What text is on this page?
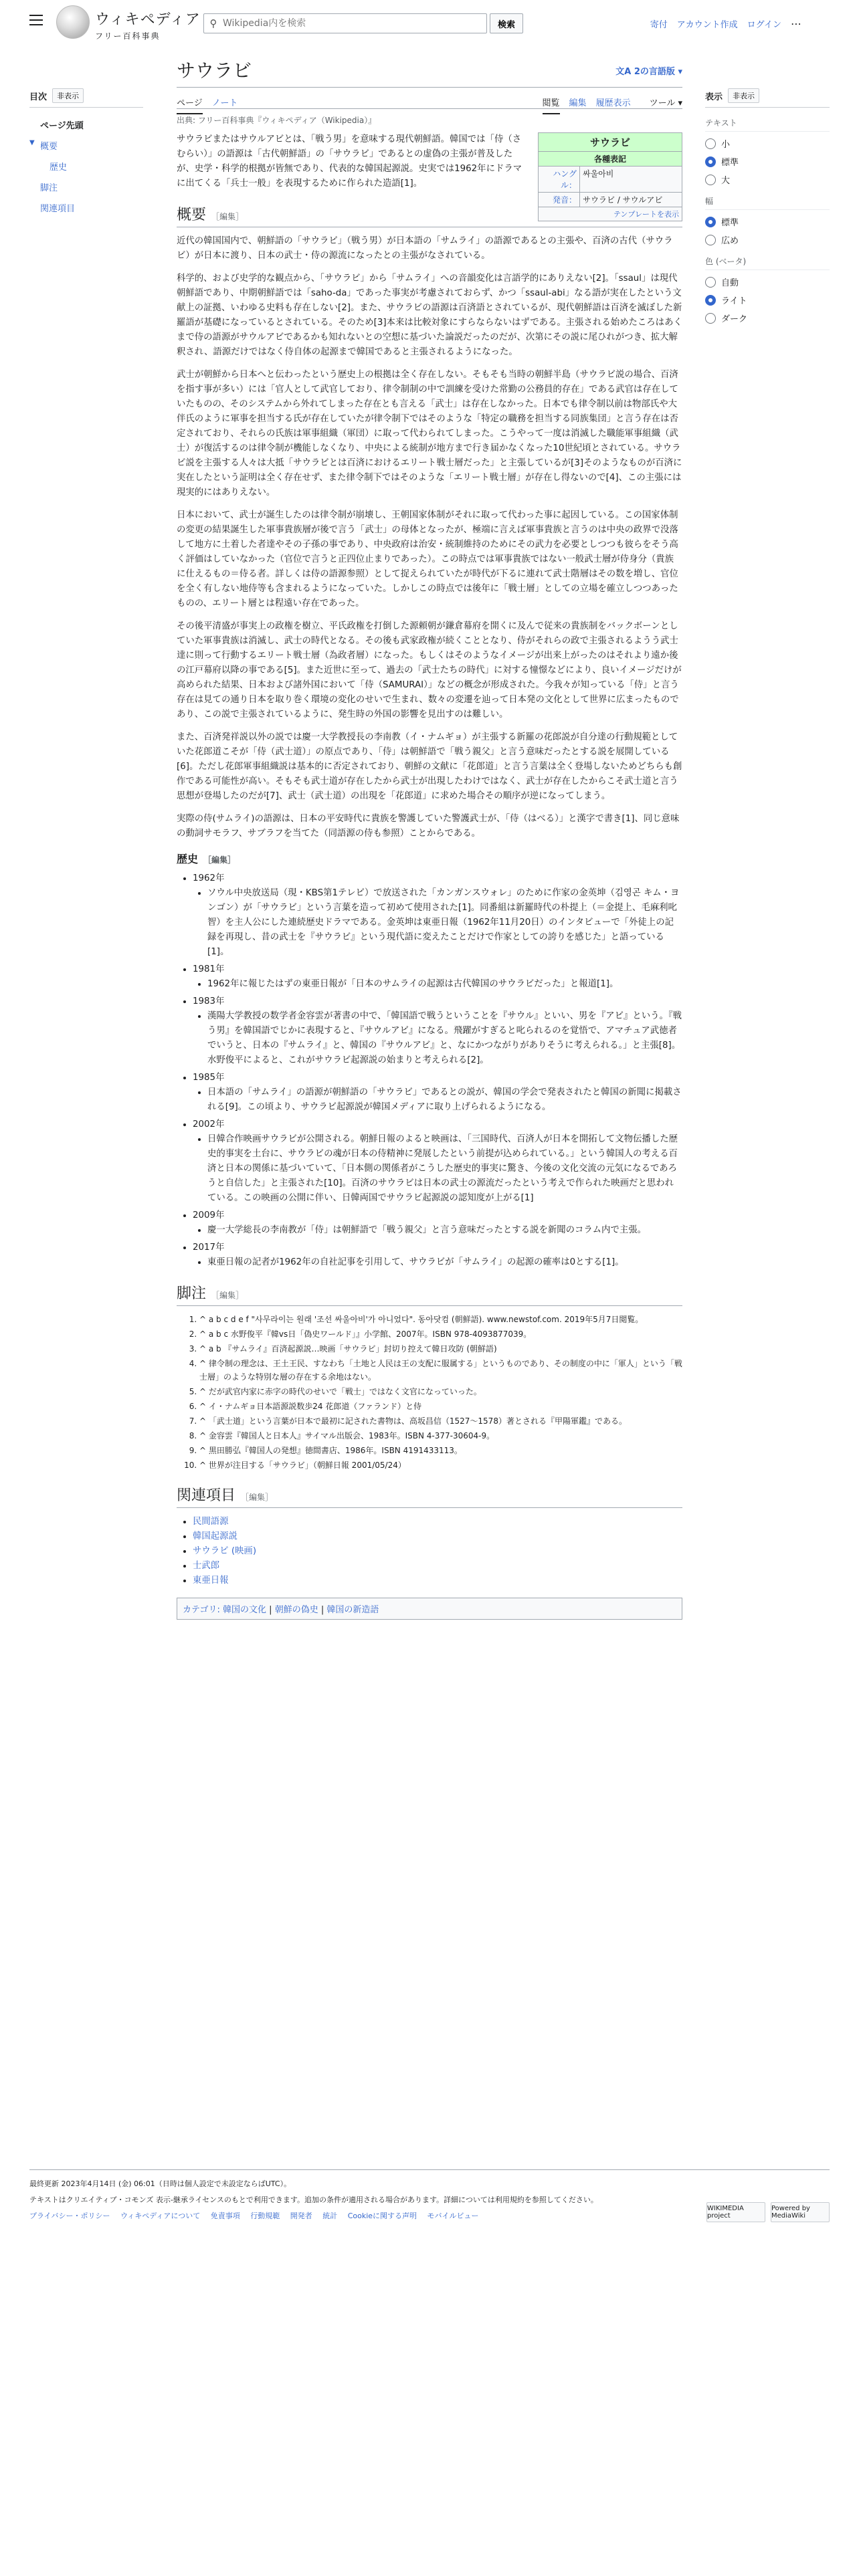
ウィキペディア
フリー百科事典
⚲
Wikipedia内を検索	検索	寄付 アカウント作成 ログイン ⋯
目次	非表示
ページ先頭
▼ 概要
歴史
脚注
関連項目
サウラビ	文A 2の言語版 ▾
ページ ノート	閲覧 編集 履歴表示 ツール ▾
出典: フリー百科事典『ウィキペディア（Wikipedia）』
サウラビ
各種表記
ハングル：
싸울아비
発音： サウラビ / サウルアビ
テンプレートを表示

サウラビまたはサウルアビとは、「戦う男」を意味する現代朝鮮語。韓国では「侍（さむらい）」の語源は「古代朝鮮語」の「サウラビ」であるとの虚偽の主張が普及したが、史学・科学的根拠が皆無であり、代表的な韓国起源説。史実では1962年にドラマに出てくる「兵士一般」を表現するために作られた造語[1]。

概要 ［編集］

近代の韓国国内で、朝鮮語の「サウラビ」（戦う男）が日本語の「サムライ」の語源であるとの主張や、百済の古代（サウラビ）が日本に渡り、日本の武士・侍の源流になったとの主張がなされている。

科学的、および史学的な観点から、「サウラビ」から「サムライ」への音韻変化は言語学的にありえない[2]。「ssaul」は現代朝鮮語であり、中期朝鮮語では「saho-da」であった事実が考慮されておらず、かつ「ssaul-abi」なる語が実在したという文献上の証拠、いわゆる史料も存在しない[2]。また、サウラビの語源は百済語とされているが、現代朝鮮語は百済を滅ぼした新羅語が基礎になっているとされている。そのため[3]本来は比較対象にすらならないはずである。主張される始めたころはあくまで侍の語源がサウルアビであるかも知れないとの空想に基づいた論説だったのだが、次第にその説に尾ひれがつき、拡大解釈され、語源だけではなく侍自体の起源まで韓国であると主張されるようになった。

武士が朝鮮から日本へと伝わったという歴史上の根拠は全く存在しない。そもそも当時の朝鮮半島（サウラビ説の場合、百済を指す事が多い）には「官人として武官しており、律令制制の中で訓練を受けた常勤の公務員的存在」である武官は存在していたものの、そのシステムから外れてしまった存在とも言える「武士」は存在しなかった。日本でも律令制以前は物部氏や大伴氏のように軍事を担当する氏が存在していたが律令制下ではそのような「特定の職務を担当する同族集団」と言う存在は否定されており、それらの氏族は軍事組織（軍団）に取って代わられてしまった。こうやって一度は消滅した職能軍事組織（武士）が復活するのは律令制が機能しなくなり、中央による統制が地方まで行き届かなくなった10世紀頃とされている。サウラビ説を主張する人々は大抵「サウラビとは百済におけるエリート戦士層だった」と主張しているが[3]そのようなものが百済に実在したという証明は全く存在せず、また律令制下ではそのような「エリート戦士層」が存在し得ないので[4]、この主張には現実的にはありえない。

日本において、武士が誕生したのは律令制が崩壊し、王朝国家体制がそれに取って代わった事に起因している。この国家体制の変更の結果誕生した軍事貴族層が後で言う「武士」の母体となったが、極端に言えば軍事貴族と言うのは中央の政界で没落して地方に土着した者達やその子孫の事であり、中央政府は治安・統制維持のためにその武力を必要としつつも彼らをそう高く評価はしていなかった（官位で言うと正四位止まりであった）。この時点では軍事貴族ではない一般武士層が侍身分（貴族に仕えるもの＝侍る者。詳しくは侍の語源参照）として捉えられていたが時代が下るに連れて武士階層はその数を増し、官位を全く有しない地侍等も含まれるようになっていた。しかしこの時点では後年に「戦士層」としての立場を確立しつつあったものの、エリート層とは程遠い存在であった。

その後平清盛が事実上の政権を樹立、平氏政権を打倒した源頼朝が鎌倉幕府を開くに及んで従来の貴族制をバックボーンとしていた軍事貴族は消滅し、武士の時代となる。その後も武家政権が続くこととなり、侍がそれらの政で主張されるようう武士達に則って行動するエリート戦士層（為政者層）になった。もしくはそのようなイメージが出来上がったのはそれより遠か後の江戸幕府以降の事である[5]。また近世に至って、過去の「武士たちの時代」に対する憧憬などにより、良いイメージだけが高められた結果、日本および諸外国において「侍（SAMURAI）」などの概念が形成された。今我々が知っている「侍」と言う存在は見ての通り日本を取り巻く環境の変化のせいで生まれ、数々の変遷を辿って日本発の文化として世界に広まったものであり、この説で主張されているように、発生時の外国の影響を見出すのは難しい。

また、百済発祥説以外の説では慶一大学教授長の李南教（イ・ナムギョ）が主張する新羅の花郎説が自分達の行動規範としていた花郎道こそが「侍（武士道）」の原点であり、「侍」は朝鮮語で「戦う親父」と言う意味だったとする説を展開している[6]。ただし花郎軍事組織説は基本的に否定されており、朝鮮の文献に「花郎道」と言う言葉は全く登場しないためどちらも創作である可能性が高い。そもそも武士道が存在したから武士が出現したわけではなく、武士が存在したからこそ武士道と言う思想が登場したのだが[7]、武士（武士道）の出現を「花郎道」に求めた場合その順序が逆になってしまう。

実際の侍(サムライ)の語源は、日本の平安時代に貴族を警護していた警護武士が、「侍（はべる）」と漢字で書き[1]、同じ意味の動詞サモラフ、サブラフを当てた（同語源の侍も参照）ことからである。

歴史 ［編集］
• 1962年
• ソウル中央放送局（現・KBS第1テレビ）で放送された「カンガンスウォレ」のために作家の金英坤（김영곤 キム・ヨンゴン）が「サウラビ」という言葉を造って初めて使用された[1]。同番組は新羅時代の朴提上（＝金提上、毛麻利叱智）を主人公にした連続歴史ドラマである。金英坤は東亜日報（1962年11月20日）のインタビューで「外徒上の記録を再現し、昔の武士を『サウラビ』という現代語に変えたことだけで作家としての誇りを感じた」と語っている[1]。
• 1981年
• 1962年に報じたはずの東亜日報が「日本のサムライの起源は古代韓国のサウラビだった」と報道[1]。
• 1983年
• 漢陽大学教授の数学者金容雲が著書の中で、「韓国語で戦うということを『サウル』といい、男を『アビ』という。『戦う男』を韓国語でじかに表現すると、『サウルアビ』になる。飛躍がすぎると叱られるのを覚悟で、アマチュア武徳者でいうと、日本の『サムライ』と、韓国の『サウルアビ』と、なにかつながりがありそうに考えられる。」と主張[8]。水野俊平によると、これがサウラビ起源説の始まりと考えられる[2]。
• 1985年
• 日本語の「サムライ」の語源が朝鮮語の「サウラビ」であるとの説が、韓国の学会で発表されたと韓国の新聞に掲載される[9]。この頃より、サウラビ起源説が韓国メディアに取り上げられるようになる。
• 2002年
• 日韓合作映画サウラビが公開される。朝鮮日報のよると映画は、「三国時代、百済人が日本を開拓して文物伝播した歴史的事実を土台に、サウラビの魂が日本の侍精神に発展したという前提が込められている。」という韓国人の考える百済と日本の関係に基づいていて、「日本側の関係者がこうした歴史的事実に驚き、今後の文化交流の元気になるであろうと自信した」と主張された[10]。百済のサウラビは日本の武士の源流だったという考えで作られた映画だと思われている。この映画の公開に伴い、日韓両国でサウラビ起源説の認知度が上がる[1]
• 2009年
• 慶一大学総長の李南教が「侍」は朝鮮語で「戦う親父」と言う意味だったとする説を新聞のコラム内で主張。
• 2017年
• 東亜日報の記者が1962年の自社記事を引用して、サウラビが「サムライ」の起源の確率は0とする[1]。
脚注 ［編集］
1. ^ a b c d e f "사무라이는 원래 '조선 싸울아비'가 아니었다". 동아닷컴 (朝鮮語). www.newstof.com. 2019年5月7日閲覧。
2. ^ a b c 水野俊平『韓vs日「偽史ワールド」』小学館、2007年。ISBN 978-4093877039。
3. ^ a b 『サムライ』百済起源説…映画「サウラビ」封切り控えて韓日攻防 (朝鮮語)
4. ^ 律令制の理念は、王土王民、すなわち「土地と人民は王の支配に服属する」というものであり、その制度の中に「軍人」という「戦士層」のような特別な層の存在する余地はない。
5. ^ だが武官内家に赤字の時代のせいで「戦士」ではなく文官になっていった。
6. ^ イ・ナムギョ日本語源説数歩24 花郎道（ファランド）と侍
7. ^ 「武士道」という言葉が日本で最初に記された書物は、高坂昌信（1527〜1578）著とされる『甲陽軍鑑』である。
8. ^ 金容雲『韓国人と日本人』サイマル出版会、1983年。ISBN 4-377-30604-9。
9. ^ 黒田勝弘『韓国人の発想』徳間書店、1986年。ISBN 4191433113。
10. ^ 世界が注目する「サウラビ」（朝鮮日報 2001/05/24）
関連項目 ［編集］
• 民間語源
• 韓国起源説
• サウラビ (映画)
• 士武郎
• 東亜日報
カテゴリ: 韓国の文化 | 朝鮮の偽史 | 韓国の新造語
表示	非表示
テキスト
小
標準
大
幅
標準
広め
色 (ベータ)
自動
ライト
ダーク
最終更新 2023年4月14日 (金) 06:01（日時は個人設定で未設定ならばUTC）。
テキストはクリエイティブ・コモンズ 表示-継承ライセンスのもとで利用できます。追加の条件が適用される場合があります。詳細については利用規約を参照してください。
プライバシー・ポリシー ウィキペディアについて 免責事項 行動規範 開発者 統計 Cookieに関する声明 モバイルビュー
WIKIMEDIA project
Powered by MediaWiki
